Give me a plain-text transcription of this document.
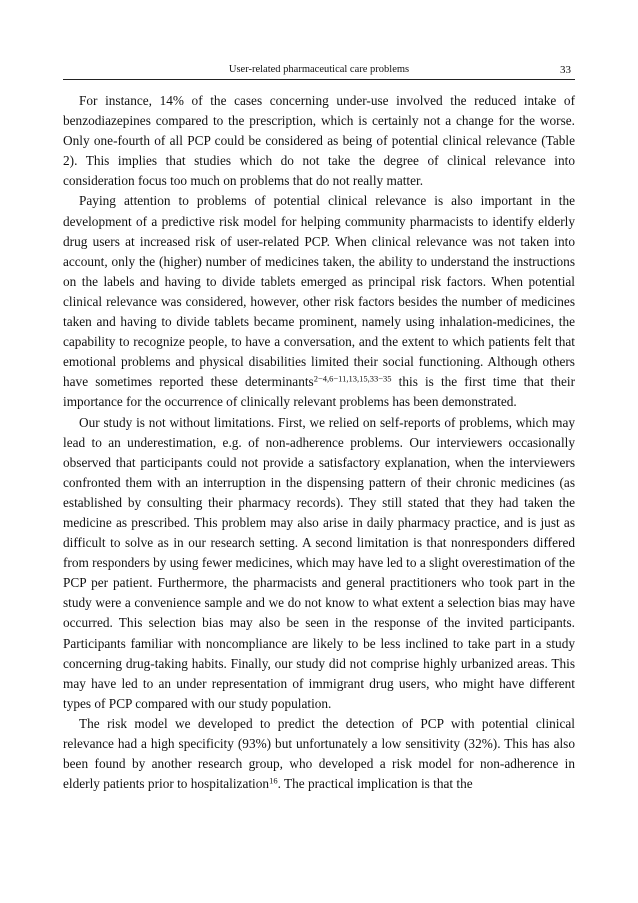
User-related pharmaceutical care problems	33

For instance, 14% of the cases concerning under-use involved the reduced intake of benzodiazepines compared to the prescription, which is certainly not a change for the worse. Only one-fourth of all PCP could be considered as being of potential clinical relevance (Table 2). This implies that studies which do not take the degree of clinical relevance into consideration focus too much on problems that do not really matter.

Paying attention to problems of potential clinical relevance is also important in the development of a predictive risk model for helping community pharmacists to identify elderly drug users at increased risk of user-related PCP. When clinical relevance was not taken into account, only the (higher) number of medicines taken, the ability to understand the instructions on the labels and having to divide tablets emerged as principal risk factors. When potential clinical relevance was considered, however, other risk factors besides the number of medicines taken and having to divide tablets became prominent, namely using inhalation-medicines, the capability to recognize people, to have a conversation, and the extent to which patients felt that emotional problems and physical disabilities limited their social functioning. Although others have sometimes reported these determinants$^{2-4,6-11,13,15,33-35}$ this is the first time that their importance for the occurrence of clinically relevant problems has been demonstrated.

Our study is not without limitations. First, we relied on self-reports of problems, which may lead to an underestimation, e.g. of non-adherence problems. Our interviewers occasionally observed that participants could not provide a satisfactory explanation, when the interviewers confronted them with an interruption in the dispensing pattern of their chronic medicines (as established by consulting their pharmacy records). They still stated that they had taken the medicine as prescribed. This problem may also arise in daily pharmacy practice, and is just as difficult to solve as in our research setting. A second limitation is that nonresponders differed from responders by using fewer medicines, which may have led to a slight overestimation of the PCP per patient. Furthermore, the pharmacists and general practitioners who took part in the study were a convenience sample and we do not know to what extent a selection bias may have occurred. This selection bias may also be seen in the response of the invited participants. Participants familiar with noncompliance are likely to be less inclined to take part in a study concerning drug-taking habits. Finally, our study did not comprise highly urbanized areas. This may have led to an under representation of immigrant drug users, who might have different types of PCP compared with our study population.

The risk model we developed to predict the detection of PCP with potential clinical relevance had a high specificity (93%) but unfortunately a low sensitivity (32%). This has also been found by another research group, who developed a risk model for non-adherence in elderly patients prior to hospitalization$^{16}$. The practical implication is that the
